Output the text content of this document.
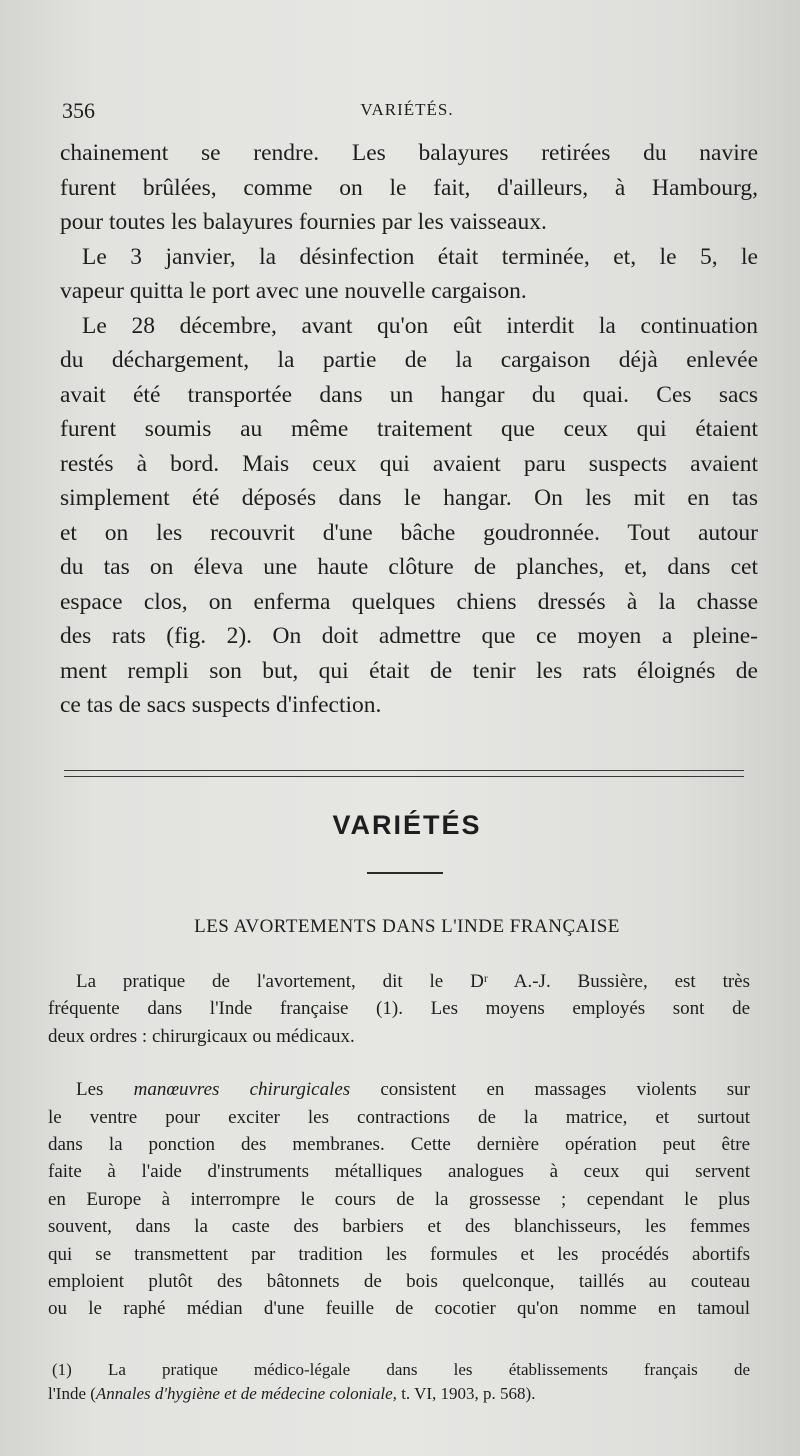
356	VARIÉTÉS.
chainement se rendre. Les balayures retirées du navire
furent brûlées, comme on le fait, d'ailleurs, à Hambourg,
pour toutes les balayures fournies par les vaisseaux.
Le 3 janvier, la désinfection était terminée, et, le 5, le
vapeur quitta le port avec une nouvelle cargaison.
Le 28 décembre, avant qu'on eût interdit la continuation
du déchargement, la partie de la cargaison déjà enlevée
avait été transportée dans un hangar du quai. Ces sacs
furent soumis au même traitement que ceux qui étaient
restés à bord. Mais ceux qui avaient paru suspects avaient
simplement été déposés dans le hangar. On les mit en tas
et on les recouvrit d'une bâche goudronnée. Tout autour
du tas on éleva une haute clôture de planches, et, dans cet
espace clos, on enferma quelques chiens dressés à la chasse
des rats (fig. 2). On doit admettre que ce moyen a pleine-
ment rempli son but, qui était de tenir les rats éloignés de
ce tas de sacs suspects d'infection.
VARIÉTÉS
LES AVORTEMENTS DANS L'INDE FRANÇAISE
La pratique de l'avortement, dit le Dʳ A.-J. Bussière, est très
fréquente dans l'Inde française (1). Les moyens employés sont de
deux ordres : chirurgicaux ou médicaux.
Les manœuvres chirurgicales consistent en massages violents sur
le ventre pour exciter les contractions de la matrice, et surtout
dans la ponction des membranes. Cette dernière opération peut être
faite à l'aide d'instruments métalliques analogues à ceux qui servent
en Europe à interrompre le cours de la grossesse ; cependant le plus
souvent, dans la caste des barbiers et des blanchisseurs, les femmes
qui se transmettent par tradition les formules et les procédés abortifs
emploient plutôt des bâtonnets de bois quelconque, taillés au couteau
ou le raphé médian d'une feuille de cocotier qu'on nomme en tamoul
(1) La pratique médico-légale dans les établissements français de
l'Inde (Annales d'hygiène et de médecine coloniale, t. VI, 1903, p. 568).
